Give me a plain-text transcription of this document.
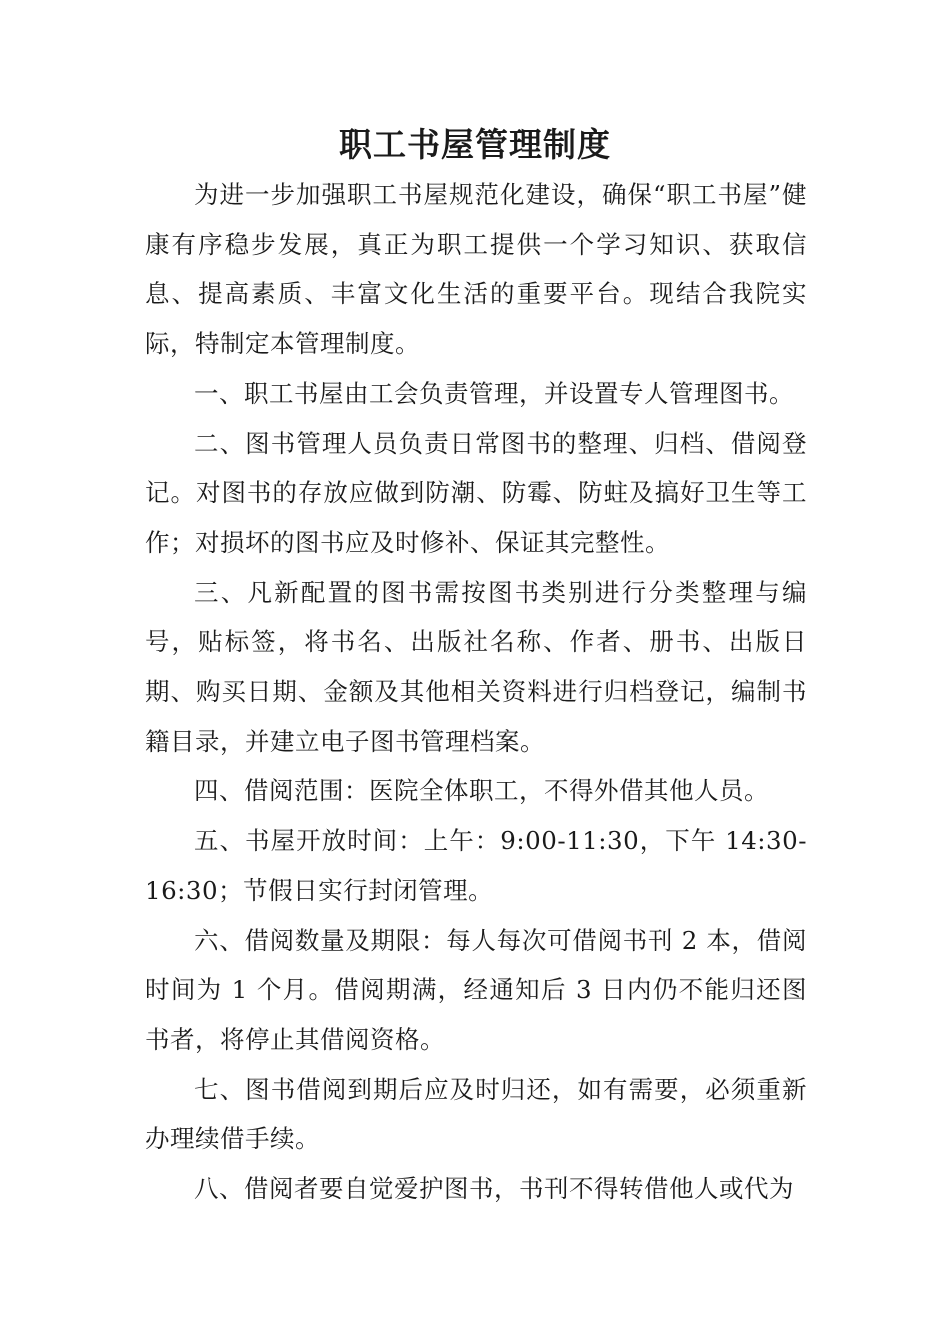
职工书屋管理制度

为进一步加强职工书屋规范化建设，确保“职工书屋”健康有序稳步发展，真正为职工提供一个学习知识、获取信息、提高素质、丰富文化生活的重要平台。现结合我院实际，特制定本管理制度。

一、职工书屋由工会负责管理，并设置专人管理图书。

二、图书管理人员负责日常图书的整理、归档、借阅登记。对图书的存放应做到防潮、防霉、防蛀及搞好卫生等工作；对损坏的图书应及时修补、保证其完整性。

三、凡新配置的图书需按图书类别进行分类整理与编号，贴标签，将书名、出版社名称、作者、册书、出版日期、购买日期、金额及其他相关资料进行归档登记，编制书籍目录，并建立电子图书管理档案。

四、借阅范围：医院全体职工，不得外借其他人员。

五、书屋开放时间：上午：9:00-11:30，下午 14:30-16:30；节假日实行封闭管理。

六、借阅数量及期限：每人每次可借阅书刊 2 本，借阅时间为 1 个月。借阅期满，经通知后 3 日内仍不能归还图书者，将停止其借阅资格。

七、图书借阅到期后应及时归还，如有需要，必须重新办理续借手续。

八、借阅者要自觉爱护图书，书刊不得转借他人或代为
